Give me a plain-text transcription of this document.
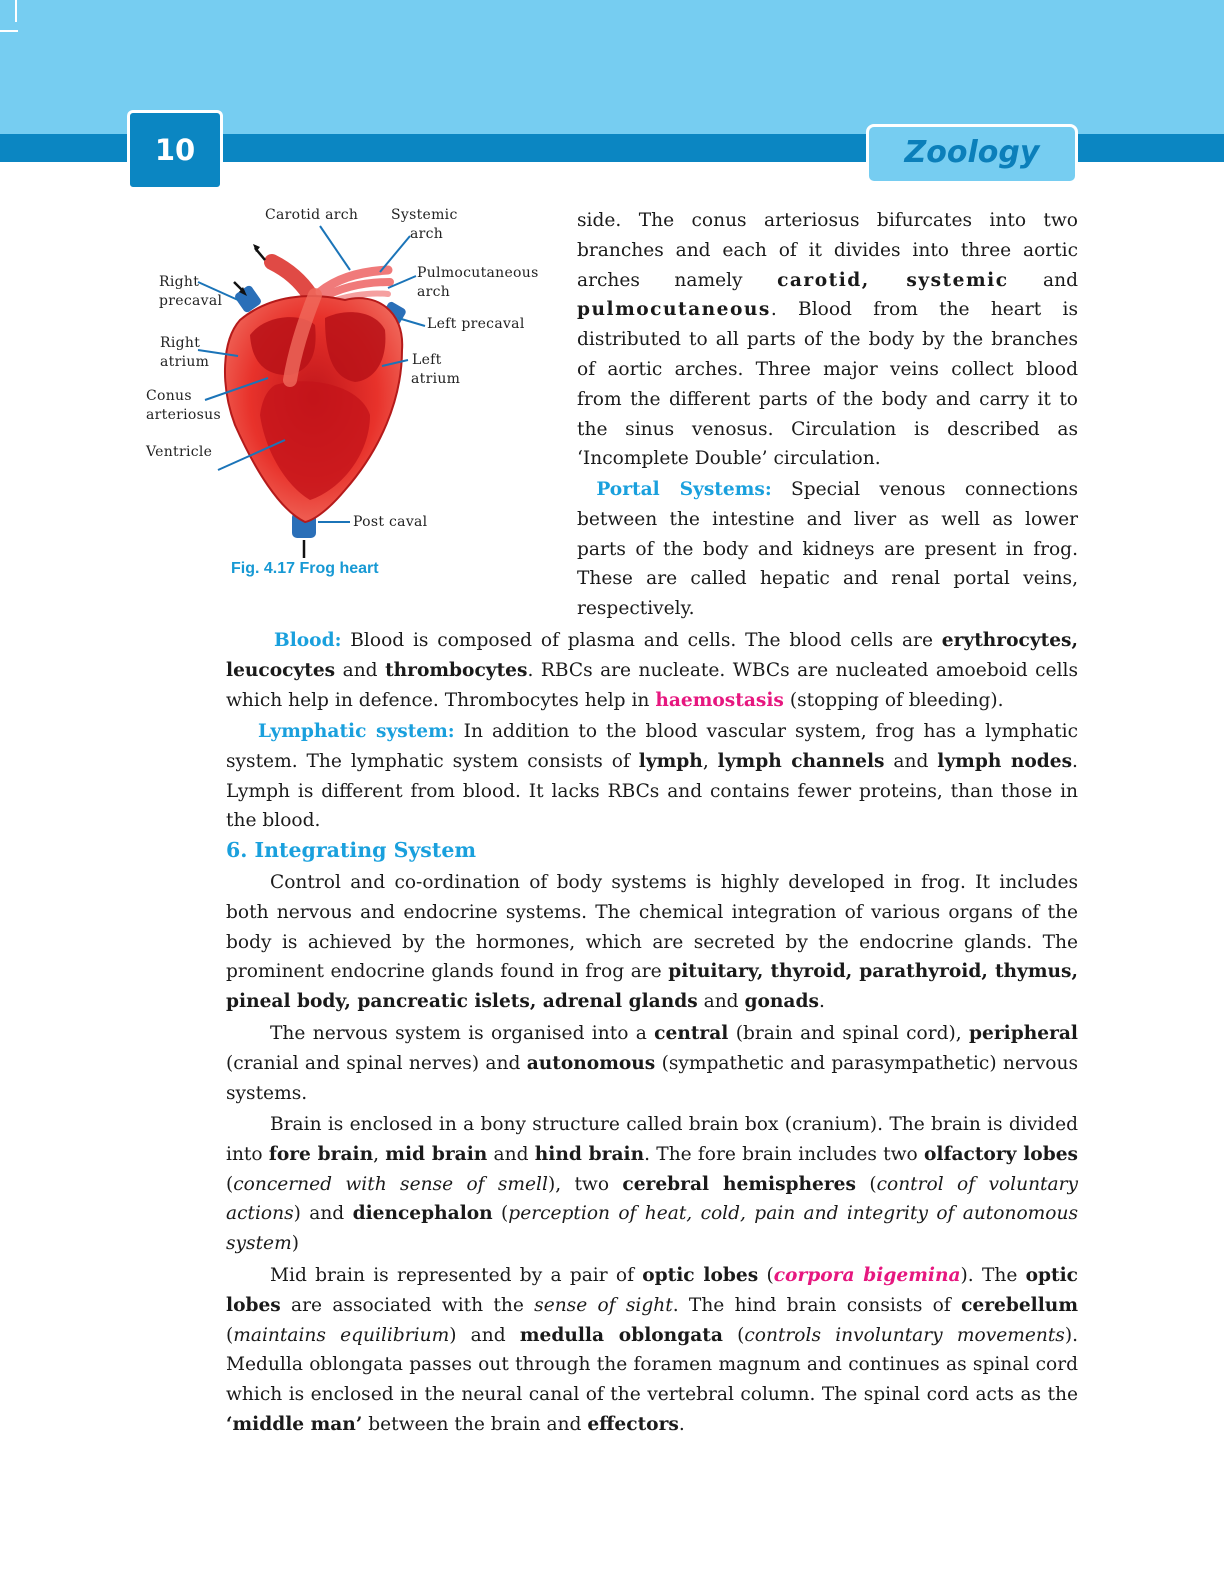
10	Zoology
Carotid arch Systemic
arch
Pulmocutaneous
arch
Right
precaval
Left precaval
Right
atrium	Left
atrium
Conus
arteriosus
Ventricle
Post caval
Fig. 4.17 Frog heart

side. The conus arteriosus bifurcates into two branches and each of it divides into three aortic arches namely carotid, systemic and pulmocutaneous. Blood from the heart is distributed to all parts of the body by the branches of aortic arches. Three major veins collect blood from the different parts of the body and carry it to the sinus venosus. Circulation is described as ‘Incomplete Double’ circulation.

Portal Systems: Special venous connections between the intestine and liver as well as lower parts of the body and kidneys are present in frog. These are called hepatic and renal portal veins, respectively.

Blood: Blood is composed of plasma and cells. The blood cells are erythrocytes, leucocytes and thrombocytes. RBCs are nucleate. WBCs are nucleated amoeboid cells which help in defence. Thrombocytes help in haemostasis (stopping of bleeding).

Lymphatic system: In addition to the blood vascular system, frog has a lymphatic system. The lymphatic system consists of lymph, lymph channels and lymph nodes. Lymph is different from blood. It lacks RBCs and contains fewer proteins, than those in the blood.

6. Integrating System

Control and co-ordination of body systems is highly developed in frog. It includes both nervous and endocrine systems. The chemical integration of various organs of the body is achieved by the hormones, which are secreted by the endocrine glands. The prominent endocrine glands found in frog are pituitary, thyroid, parathyroid, thymus, pineal body, pancreatic islets, adrenal glands and gonads.

The nervous system is organised into a central (brain and spinal cord), peripheral (cranial and spinal nerves) and autonomous (sympathetic and parasympathetic) nervous systems.

Brain is enclosed in a bony structure called brain box (cranium). The brain is divided into fore brain, mid brain and hind brain. The fore brain includes two olfactory lobes (concerned with sense of smell), two cerebral hemispheres (control of voluntary actions) and diencephalon (perception of heat, cold, pain and integrity of autonomous system)

Mid brain is represented by a pair of optic lobes (corpora bigemina). The optic lobes are associated with the sense of sight. The hind brain consists of cerebellum (maintains equilibrium) and medulla oblongata (controls involuntary movements). Medulla oblongata passes out through the foramen magnum and continues as spinal cord which is enclosed in the neural canal of the vertebral column. The spinal cord acts as the ‘middle man’ between the brain and effectors.
